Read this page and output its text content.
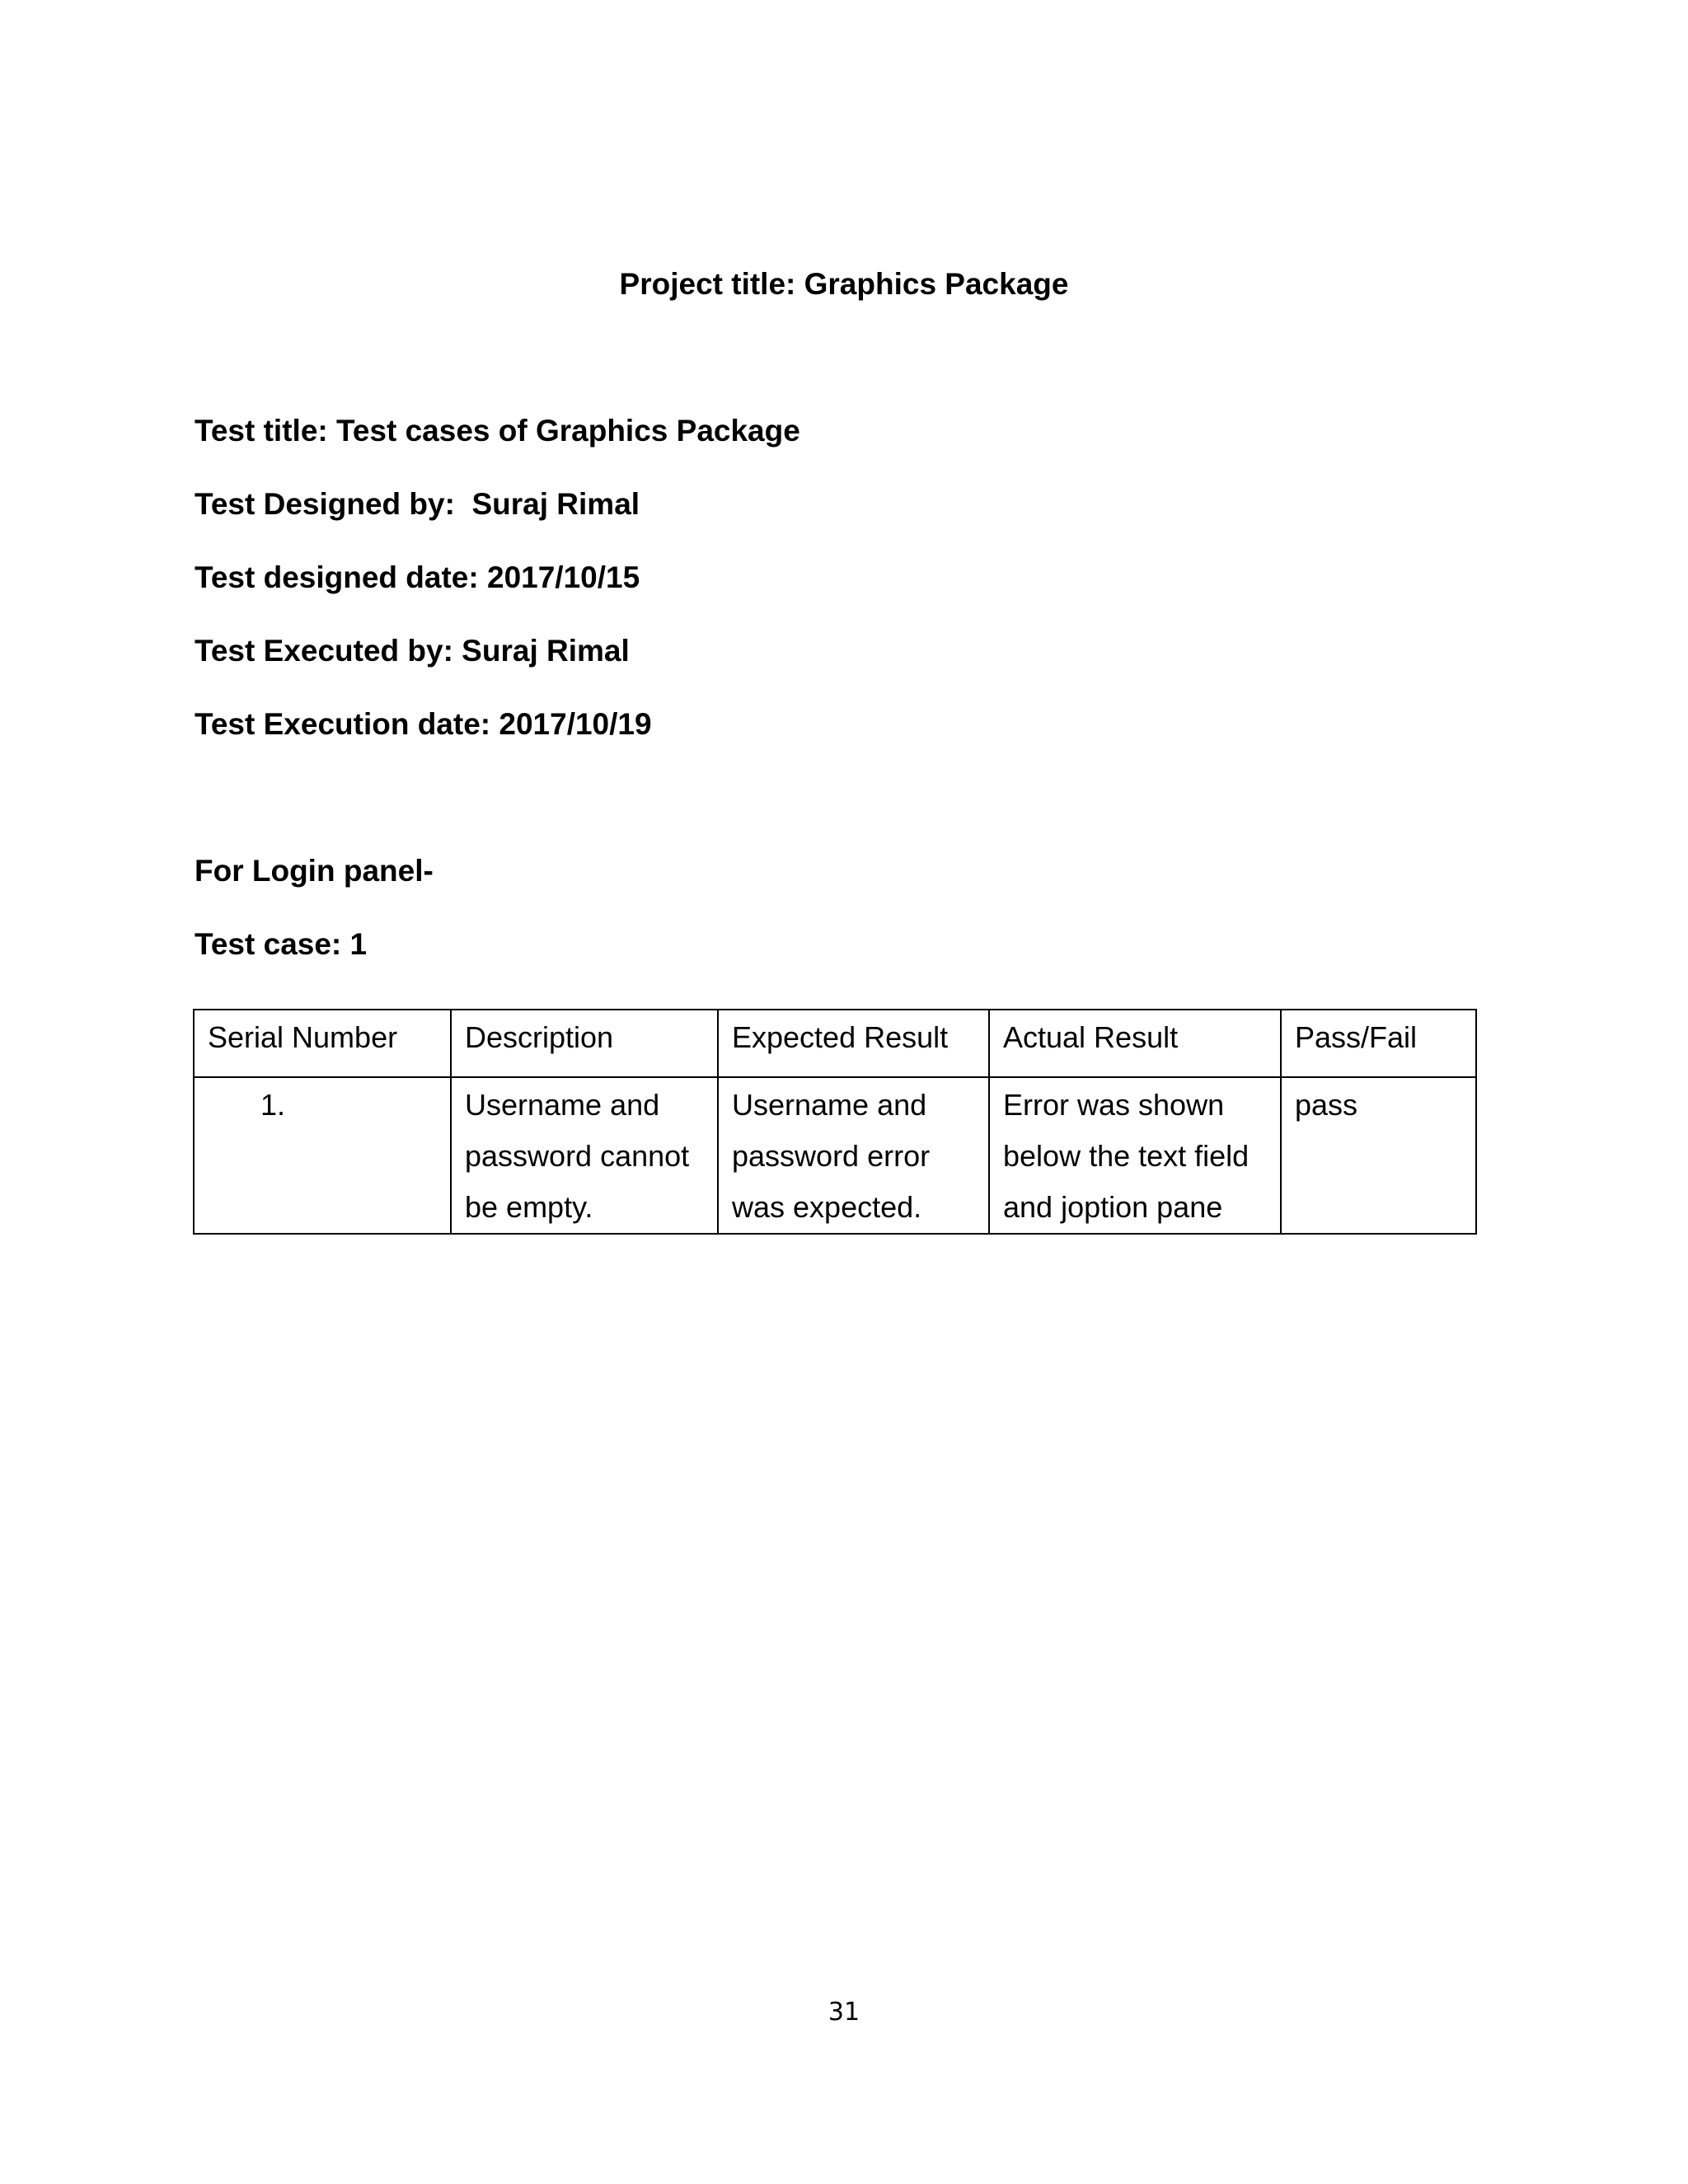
Project title: Graphics Package

Test title: Test cases of Graphics Package

Test Designed by:  Suraj Rimal

Test designed date: 2017/10/15

Test Executed by: Suraj Rimal

Test Execution date: 2017/10/19

For Login panel-

Test case: 1

Serial Number	Description	Expected Result	Actual Result	Pass/Fail
1.	Username and password cannot be empty.	Username and password error was expected.	Error was shown below the text field and joption pane	pass

31
